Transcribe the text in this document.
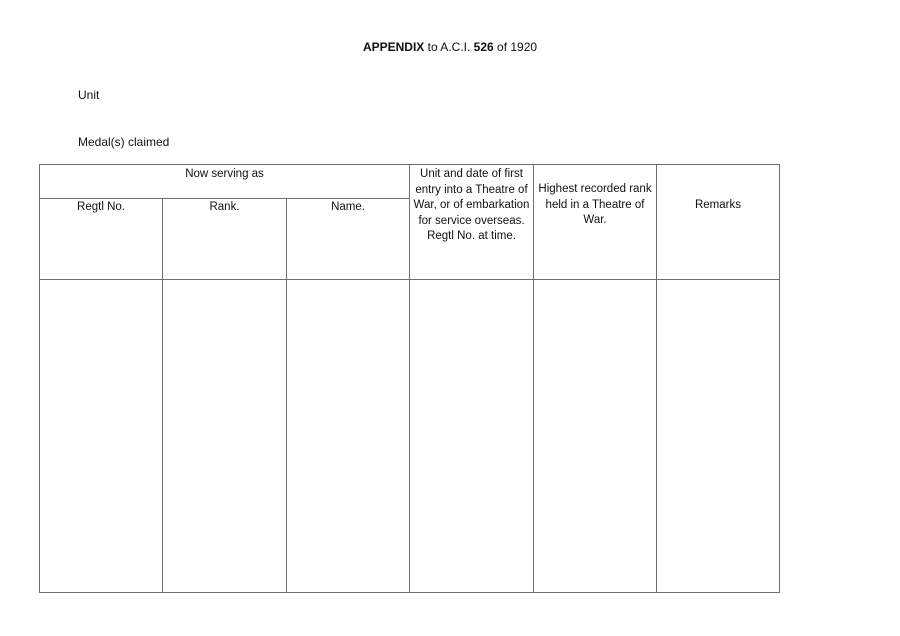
APPENDIX to A.C.I. 526 of 1920
Unit
Medal(s) claimed
Now serving as			Unit and date of first entry into a Theatre of War, or of embarkation for service overseas. Regtl No. at time.	Highest recorded rank held in a Theatre of War.	Remarks
Regtl No.	Rank.	Name.			
